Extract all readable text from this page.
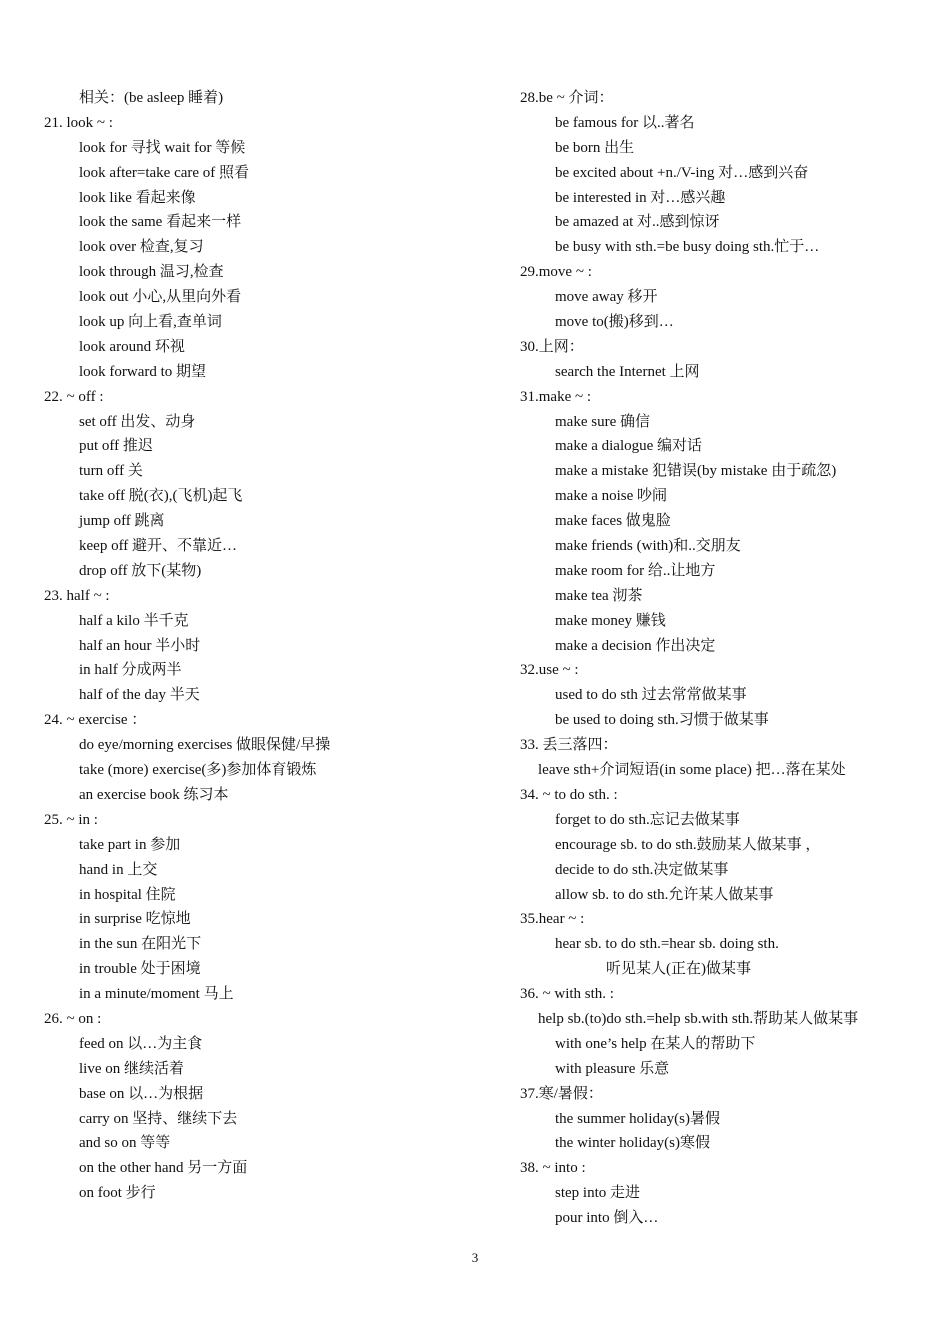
相关：(be asleep 睡着)
21. look ~ :
look for 寻找 wait for 等候
look after=take care of 照看
look like 看起来像
look the same 看起来一样
look over 检查,复习
look through 温习,检查
look out 小心,从里向外看
look up 向上看,查单词
look around 环视
look forward to 期望
22. ~ off :
set off 出发、动身
put off 推迟
turn off 关
take off 脱(衣),(飞机)起飞
jump off 跳离
keep off 避开、不靠近…
drop off 放下(某物)
23. half ~ :
half a kilo 半千克
half an hour 半小时
in half 分成两半
half of the day 半天
24. ~ exercise ：
do eye/morning exercises 做眼保健/早操
take (more) exercise(多)参加体育锻炼
an exercise book 练习本
25. ~ in :
take part in 参加
hand in 上交
in hospital 住院
in surprise 吃惊地
in the sun 在阳光下
in trouble 处于困境
in a minute/moment 马上
26. ~ on :
feed on 以…为主食
live on 继续活着
base on 以…为根据
carry on 坚持、继续下去
and so on 等等
on the other hand 另一方面
on foot 步行
28.be ~ 介词：
be famous for 以..著名
be born 出生
be excited about +n./V-ing 对…感到兴奋
be interested in 对…感兴趣
be amazed at 对..感到惊讶
be busy with sth.=be busy doing sth.忙于…
29.move ~ :
move away 移开
move to(搬)移到…
30.上网：
search the Internet 上网
31.make ~ :
make sure 确信
make a dialogue 编对话
make a mistake 犯错误(by mistake 由于疏忽)
make a noise 吵闹
make faces 做鬼脸
make friends (with)和..交朋友
make room for 给..让地方
make tea 沏茶
make money 赚钱
make a decision 作出决定
32.use ~ :
used to do sth 过去常常做某事
be used to doing sth.习惯于做某事
33. 丢三落四：
leave sth+介词短语(in some place) 把…落在某处
34. ~ to do sth. :
forget to do sth.忘记去做某事
encourage sb. to do sth.鼓励某人做某事 ，
decide to do sth.决定做某事
allow sb. to do sth.允许某人做某事
35.hear ~ :
hear sb. to do sth.=hear sb. doing sth.
听见某人(正在)做某事
36. ~ with sth. :
help sb.(to)do sth.=help sb.with sth.帮助某人做某事
with one’s help 在某人的帮助下
with pleasure 乐意
37.寒/暑假：
the summer holiday(s)暑假
the winter holiday(s)寒假
38. ~ into :
step into 走进
pour into 倒入…
3
